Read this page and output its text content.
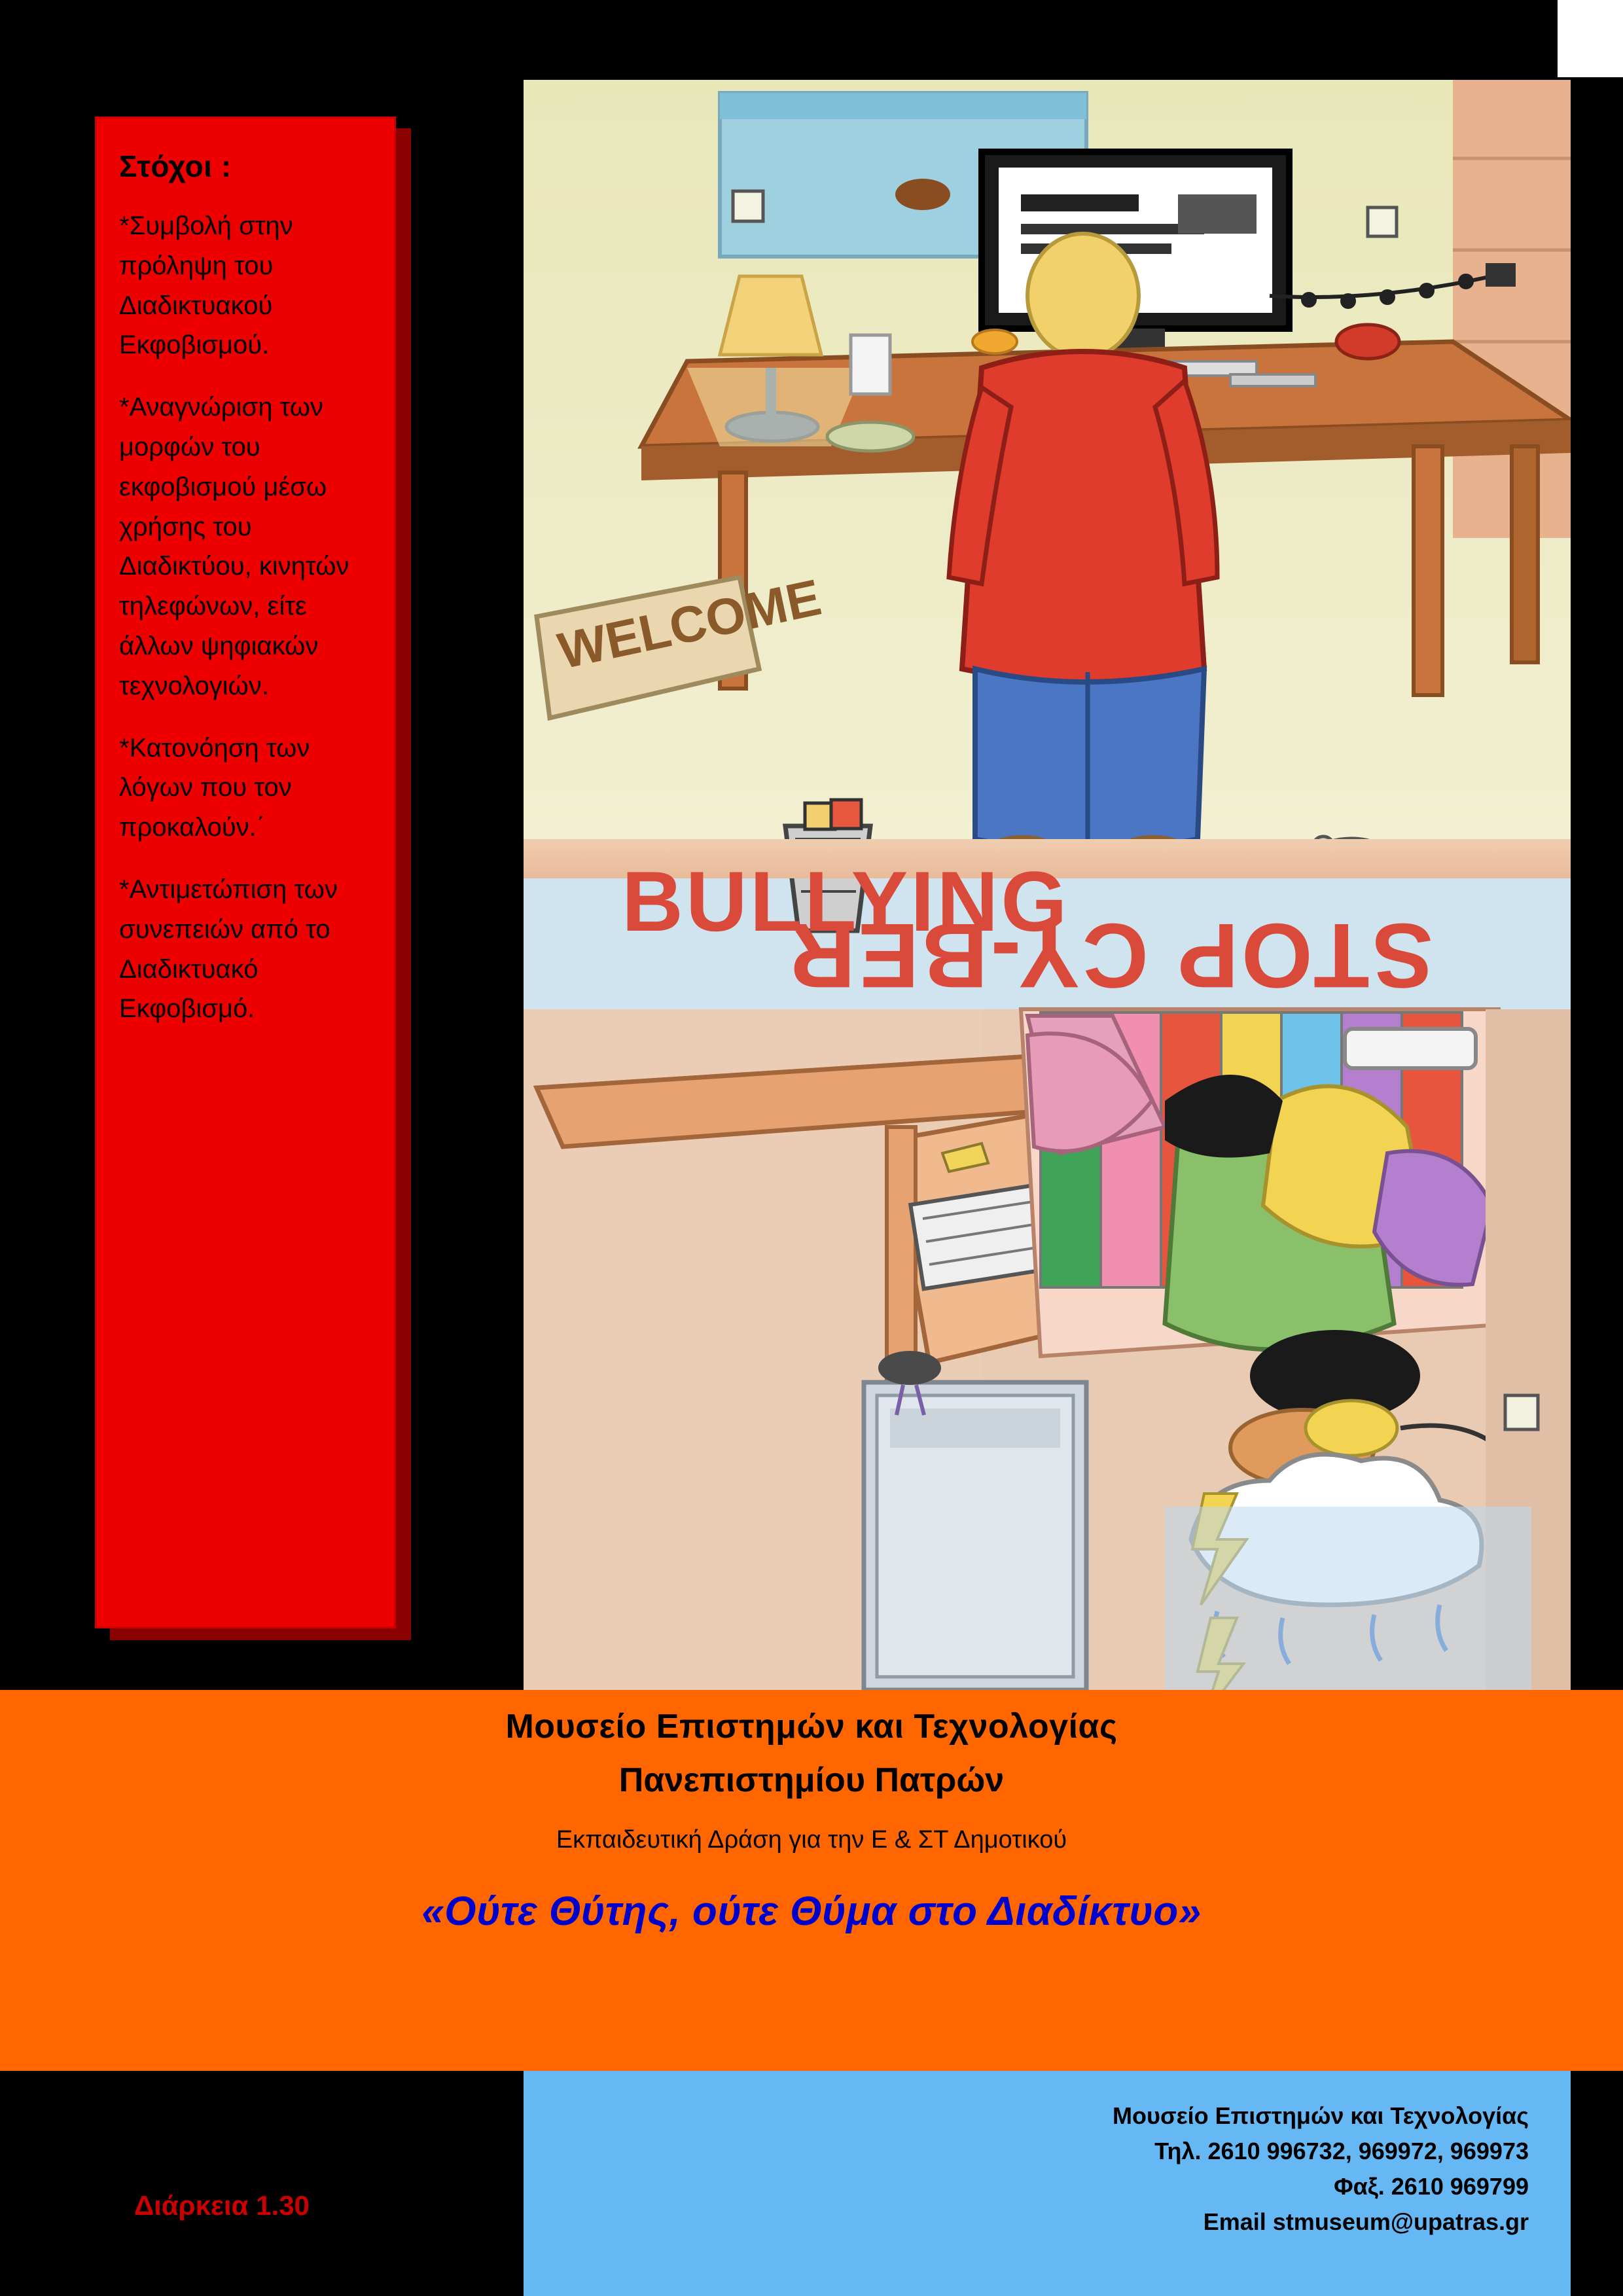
Στόχοι :

*Συμβολή στην πρόληψη του Διαδικτυακού Εκφοβισμού.

*Αναγνώριση των μορφών του εκφοβισμού μέσω χρήσης του Διαδικτύου, κινητών τηλεφώνων, είτε άλλων ψηφιακών τεχνολογιών.

*Κατονόηση των λόγων που τον προκαλούν.΄

*Αντιμετώπιση των συνεπειών από το Διαδικτυακό Εκφοβισμό.

WELCOME
BULLYING
STOP CY-BER

Μουσείο Επιστημών και Τεχνολογίας

Πανεπιστημίου Πατρών

Εκπαιδευτική Δράση για την Ε & ΣΤ Δημοτικού

«Ούτε Θύτης, ούτε Θύμα στο Διαδίκτυο»

Διάρκεια 1.30

Μουσείο Επιστημών και Τεχνολογίας

Τηλ. 2610 996732, 969972, 969973

Φαξ. 2610 969799

Email stmuseum@upatras.gr
